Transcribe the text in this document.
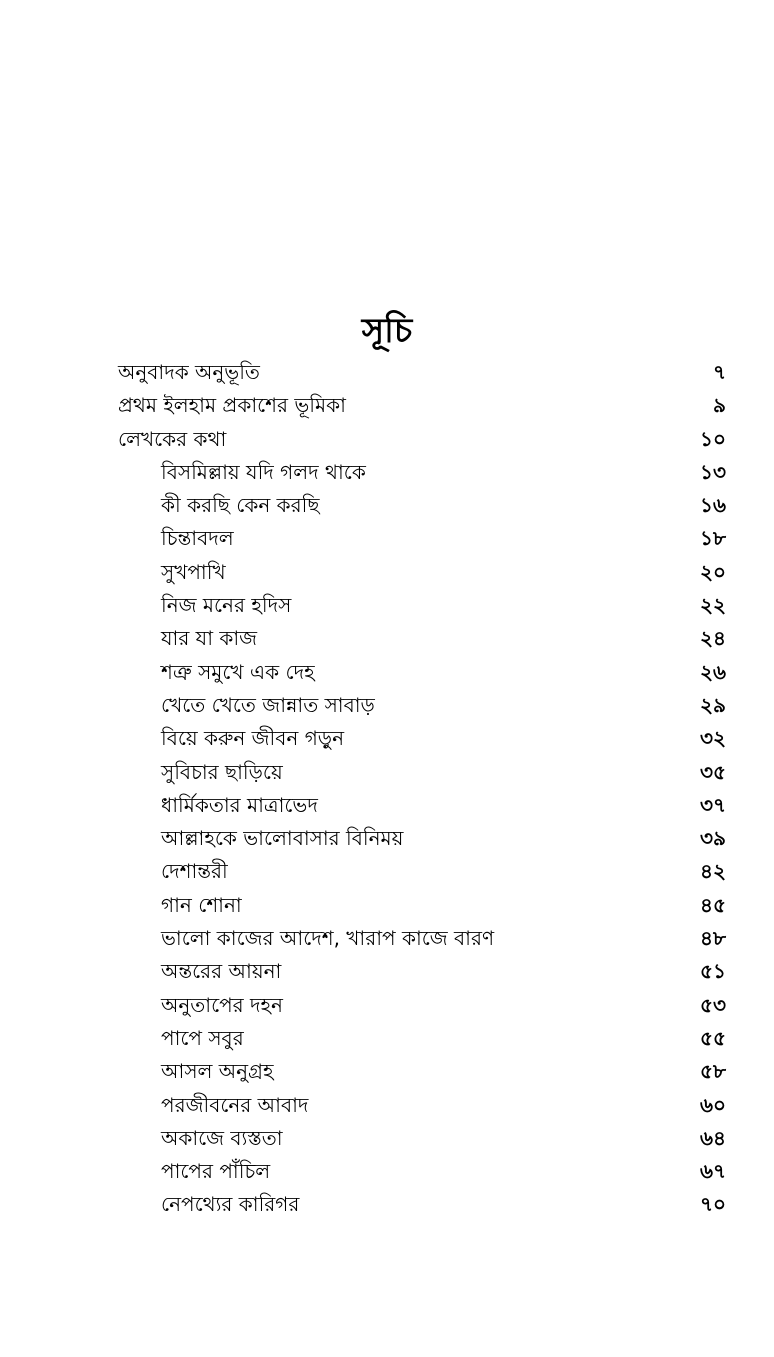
সূচি
অনুবাদক অনুভূতি	৭
প্রথম ইলহাম প্রকাশের ভূমিকা	৯
লেখকের কথা	১০
বিসমিল্লায় যদি গলদ থাকে	১৩
কী করছি কেন করছি	১৬
চিন্তাবদল	১৮
সুখপাখি	২০
নিজ মনের হদিস	২২
যার যা কাজ	২৪
শত্রু সমুখে এক দেহ	২৬
খেতে খেতে জান্নাত সাবাড়	২৯
বিয়ে করুন জীবন গড়ুন	৩২
সুবিচার ছাড়িয়ে	৩৫
ধার্মিকতার মাত্রাভেদ	৩৭
আল্লাহকে ভালোবাসার বিনিময়	৩৯
দেশান্তরী	৪২
গান শোনা	৪৫
ভালো কাজের আদেশ, খারাপ কাজে বারণ	৪৮
অন্তরের আয়না	৫১
অনুতাপের দহন	৫৩
পাপে সবুর	৫৫
আসল অনুগ্রহ	৫৮
পরজীবনের আবাদ	৬০
অকাজে ব্যস্ততা	৬৪
পাপের পাঁচিল	৬৭
নেপথ্যের কারিগর	৭০
